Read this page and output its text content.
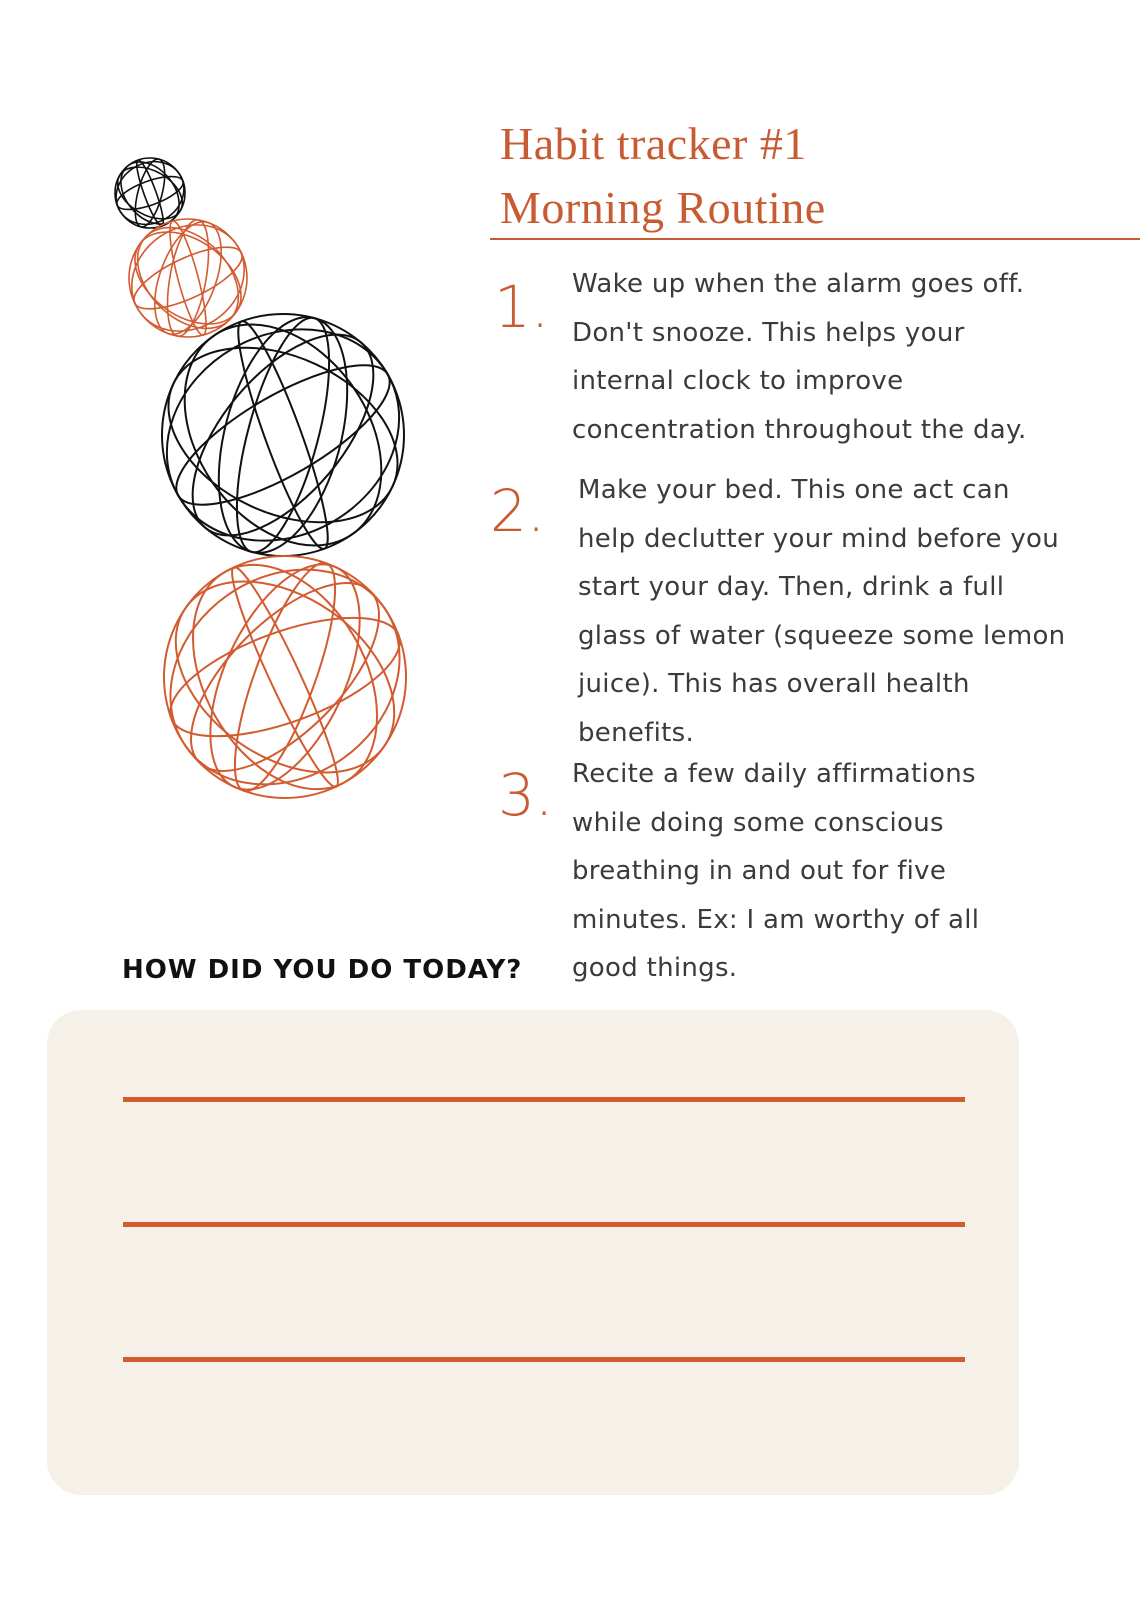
Habit tracker #1
Morning Routine
1. Wake up when the alarm goes off. Don't snooze. This helps your internal clock to improve concentration throughout the day.

2. Make your bed. This one act can help declutter your mind before you start your day. Then, drink a full glass of water (squeeze some lemon juice). This has overall health benefits.

3. Recite a few daily affirmations while doing some conscious breathing in and out for five minutes. Ex: I am worthy of all good things.

HOW DID YOU DO TODAY?
